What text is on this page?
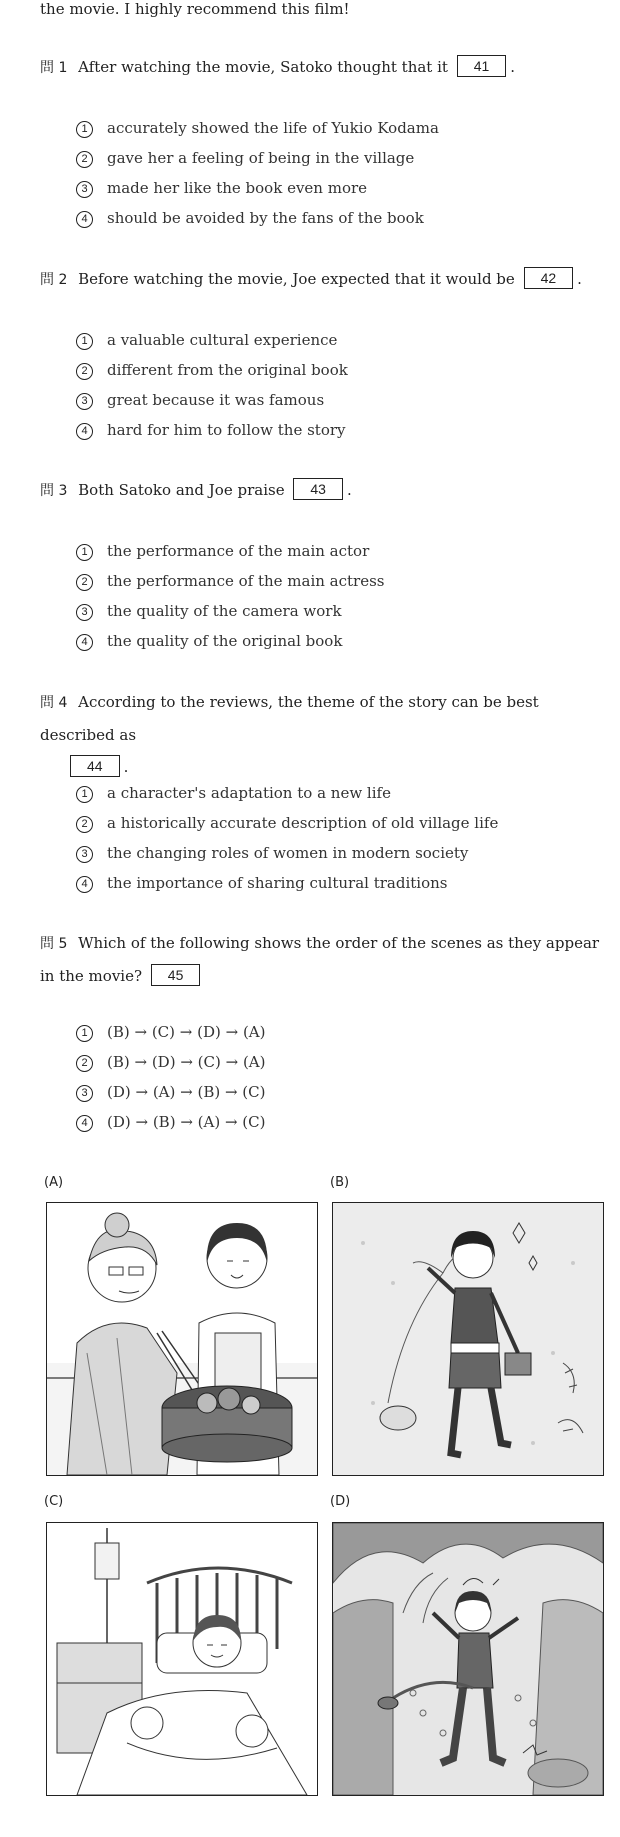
the movie. I highly recommend this film!
問 1 After watching the movie, Satoko thought that it 41 .
1 accurately showed the life of Yukio Kodama
2 gave her a feeling of being in the village
3 made her like the book even more
4 should be avoided by the fans of the book
問 2 Before watching the movie, Joe expected that it would be 42 .
1 a valuable cultural experience
2 different from the original book
3 great because it was famous
4 hard for him to follow the story
問 3 Both Satoko and Joe praise 43 .
1 the performance of the main actor
2 the performance of the main actress
3 the quality of the camera work
4 the quality of the original book
問 4 According to the reviews, the theme of the story can be best described as
44 .
1 a character's adaptation to a new life
2 a historically accurate description of old village life
3 the changing roles of women in modern society
4 the importance of sharing cultural traditions
問 5 Which of the following shows the order of the scenes as they appear in the movie? 45
1 (B) → (C) → (D) → (A)
2 (B) → (D) → (C) → (A)
3 (D) → (A) → (B) → (C)
4 (D) → (B) → (A) → (C)
(A)	(B)
(C)	(D)
